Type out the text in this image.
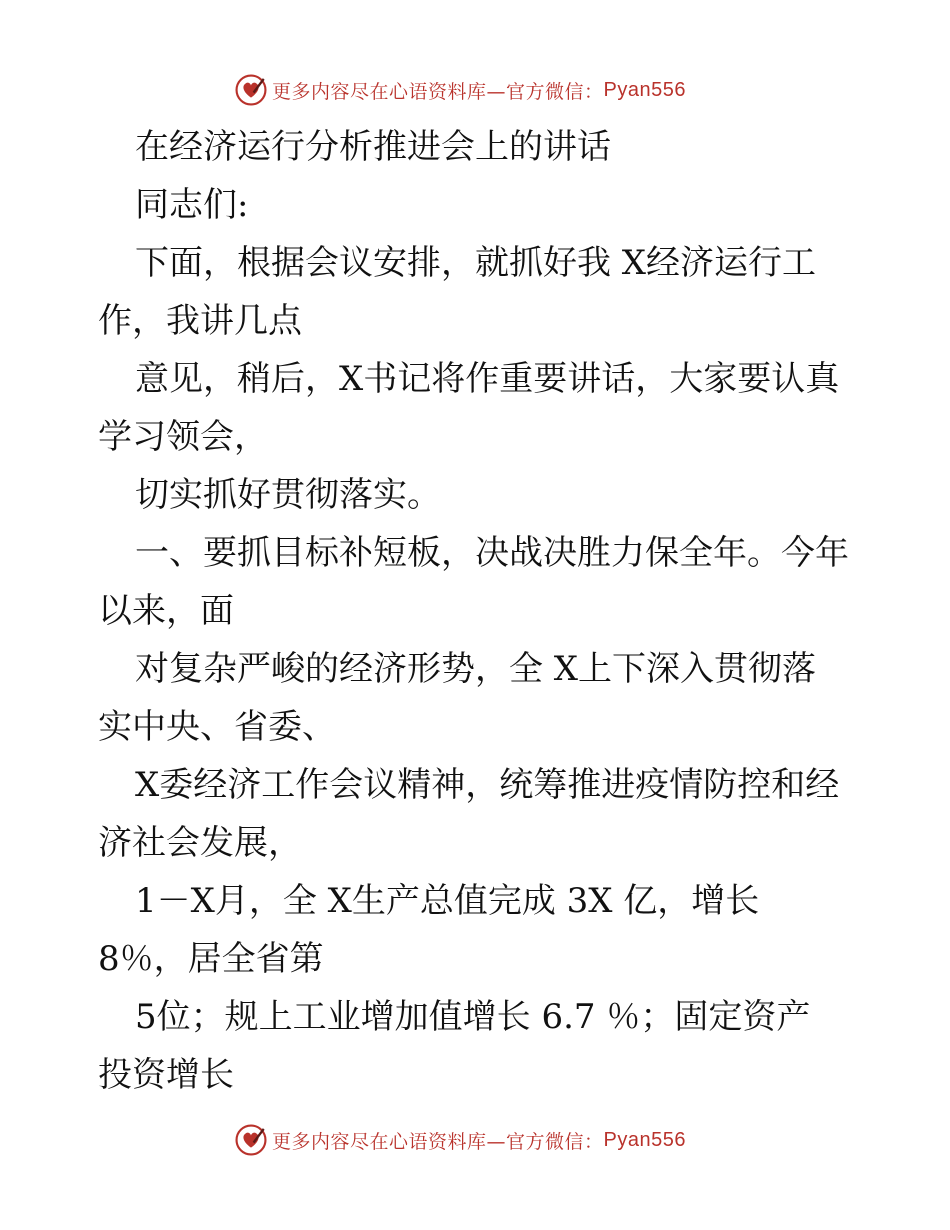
更多内容尽在心语资料库—官方微信： Pyan556
在经济运行分析推进会上的讲话
同志们:
下面，根据会议安排，就抓好我 X经济运行工
作，我讲几点
意见，稍后，X书记将作重要讲话，大家要认真
学习领会，
切实抓好贯彻落实。
一、要抓目标补短板，决战决胜力保全年。今年
以来，面
对复杂严峻的经济形势，全 X上下深入贯彻落
实中央、省委、
X委经济工作会议精神，统筹推进疫情防控和经
济社会发展，
1－X月，全 X生产总值完成 3X 亿，增长
8％，居全省第
5位；规上工业增加值增长 6.7 ％；固定资产
投资增长
更多内容尽在心语资料库—官方微信： Pyan556
